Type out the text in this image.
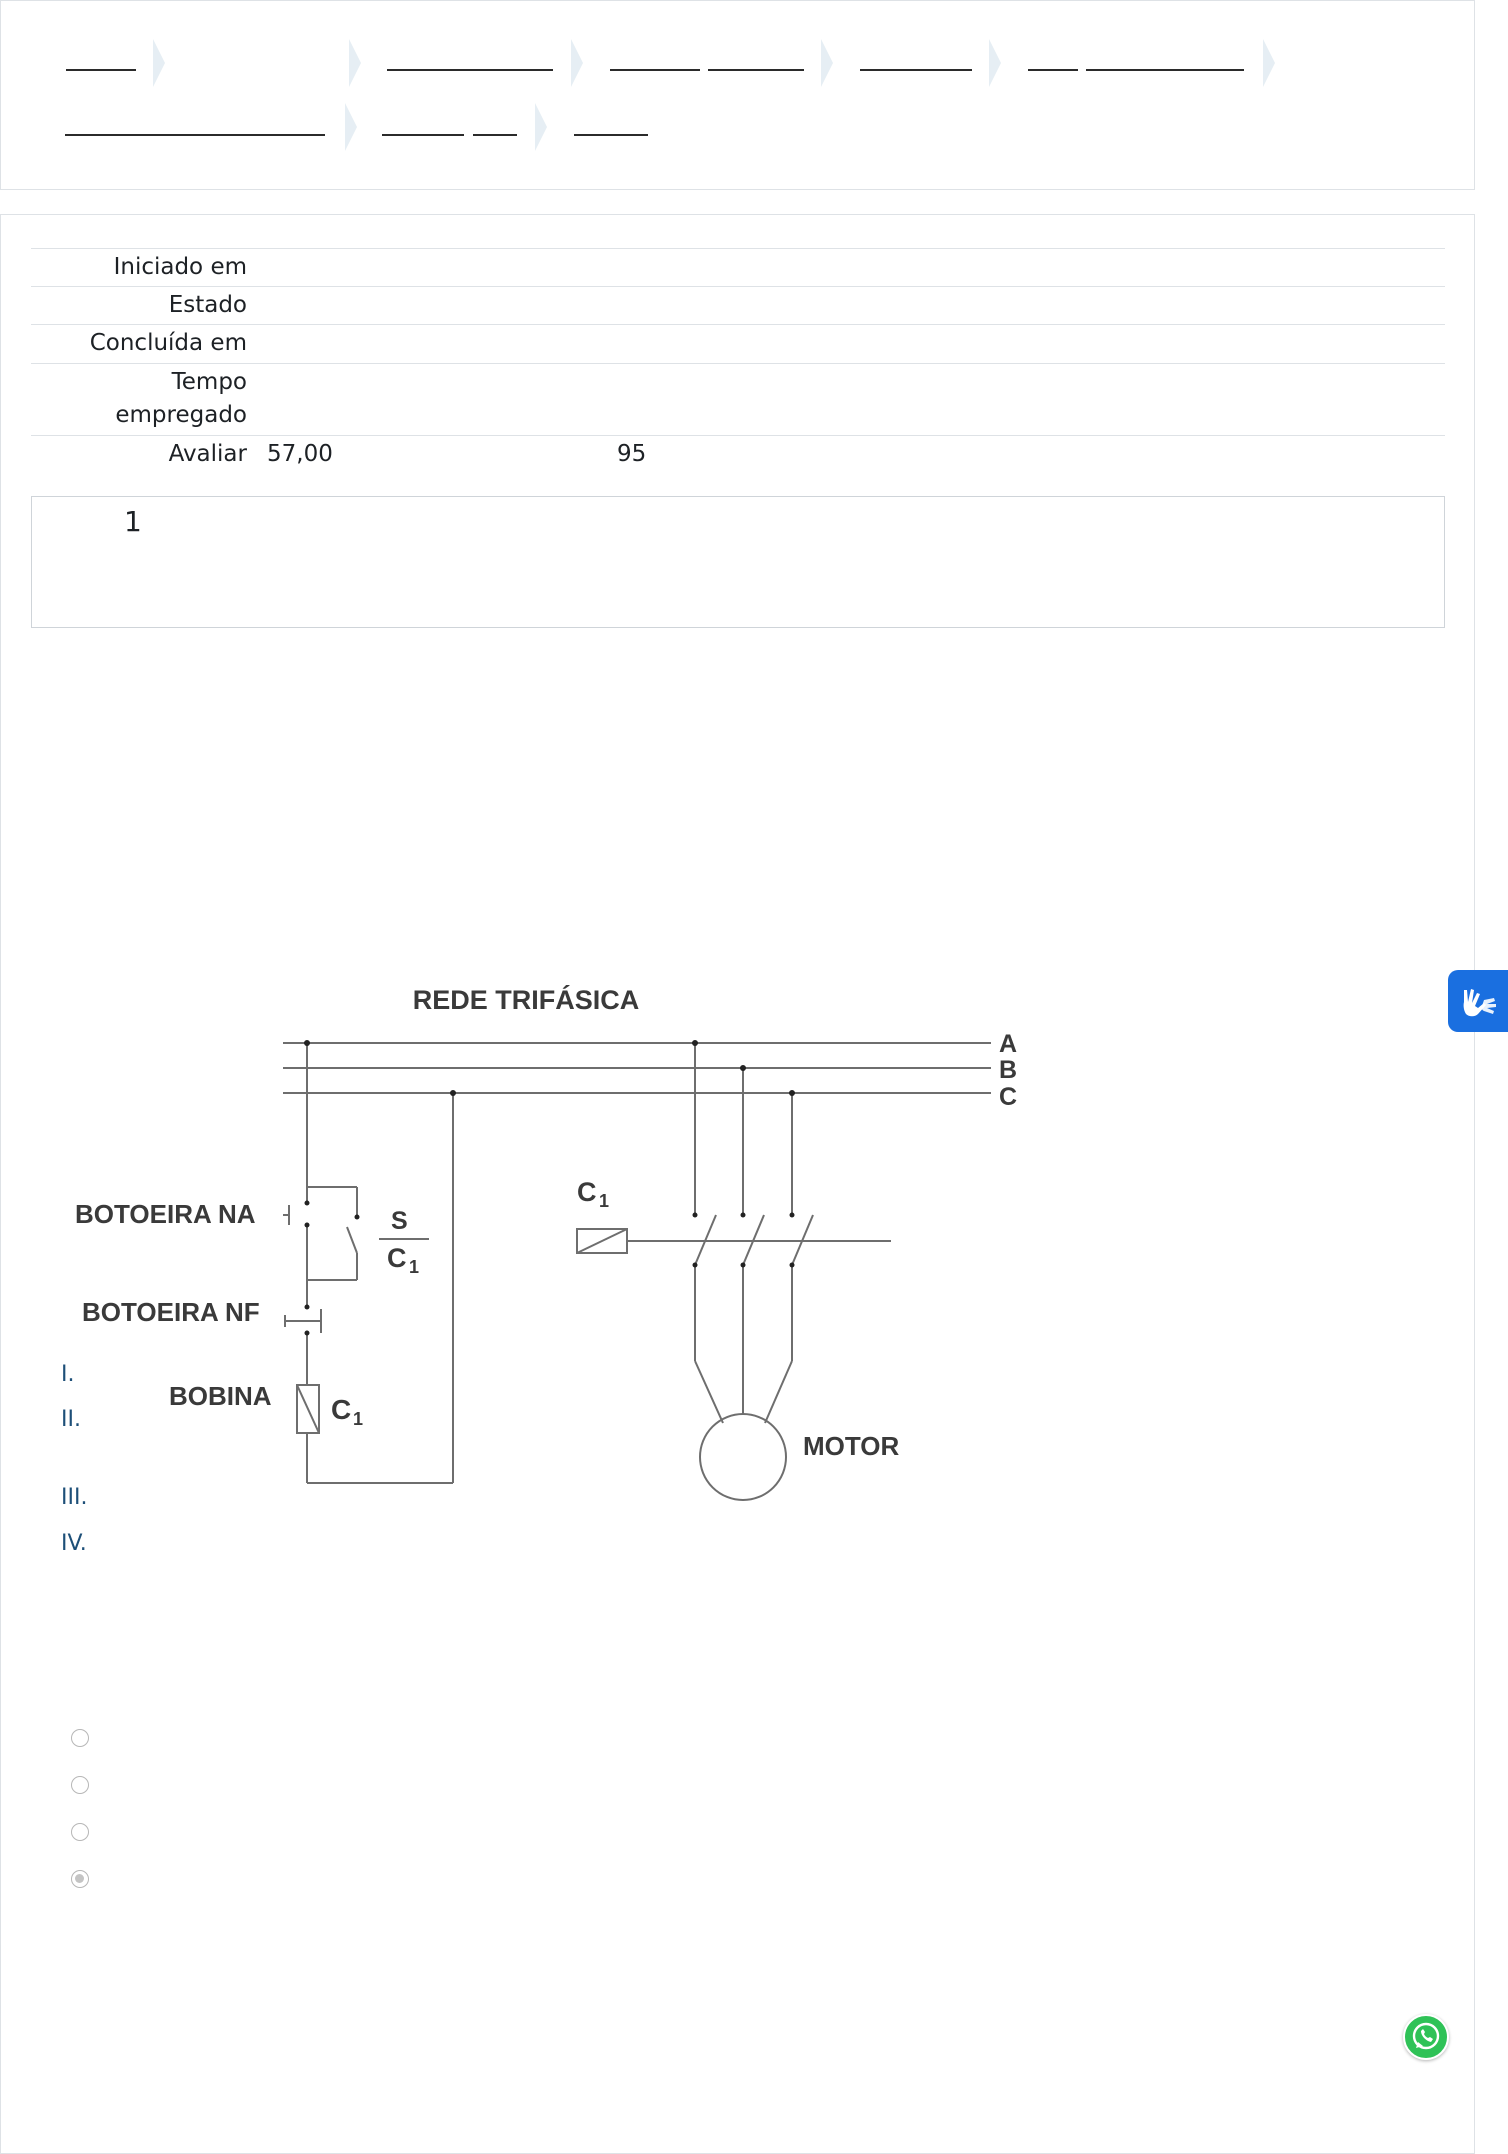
Iniciado em
Estado
Concluída em
Tempo empregado
Avaliar 57,00	95
1
REDE TRIFÁSICA
A
B
C
BOTOEIRA NA
BOTOEIRA NF
BOBINA
MOTOR
S
C 1
C 1
C 1
I.
II.
III.
IV.
